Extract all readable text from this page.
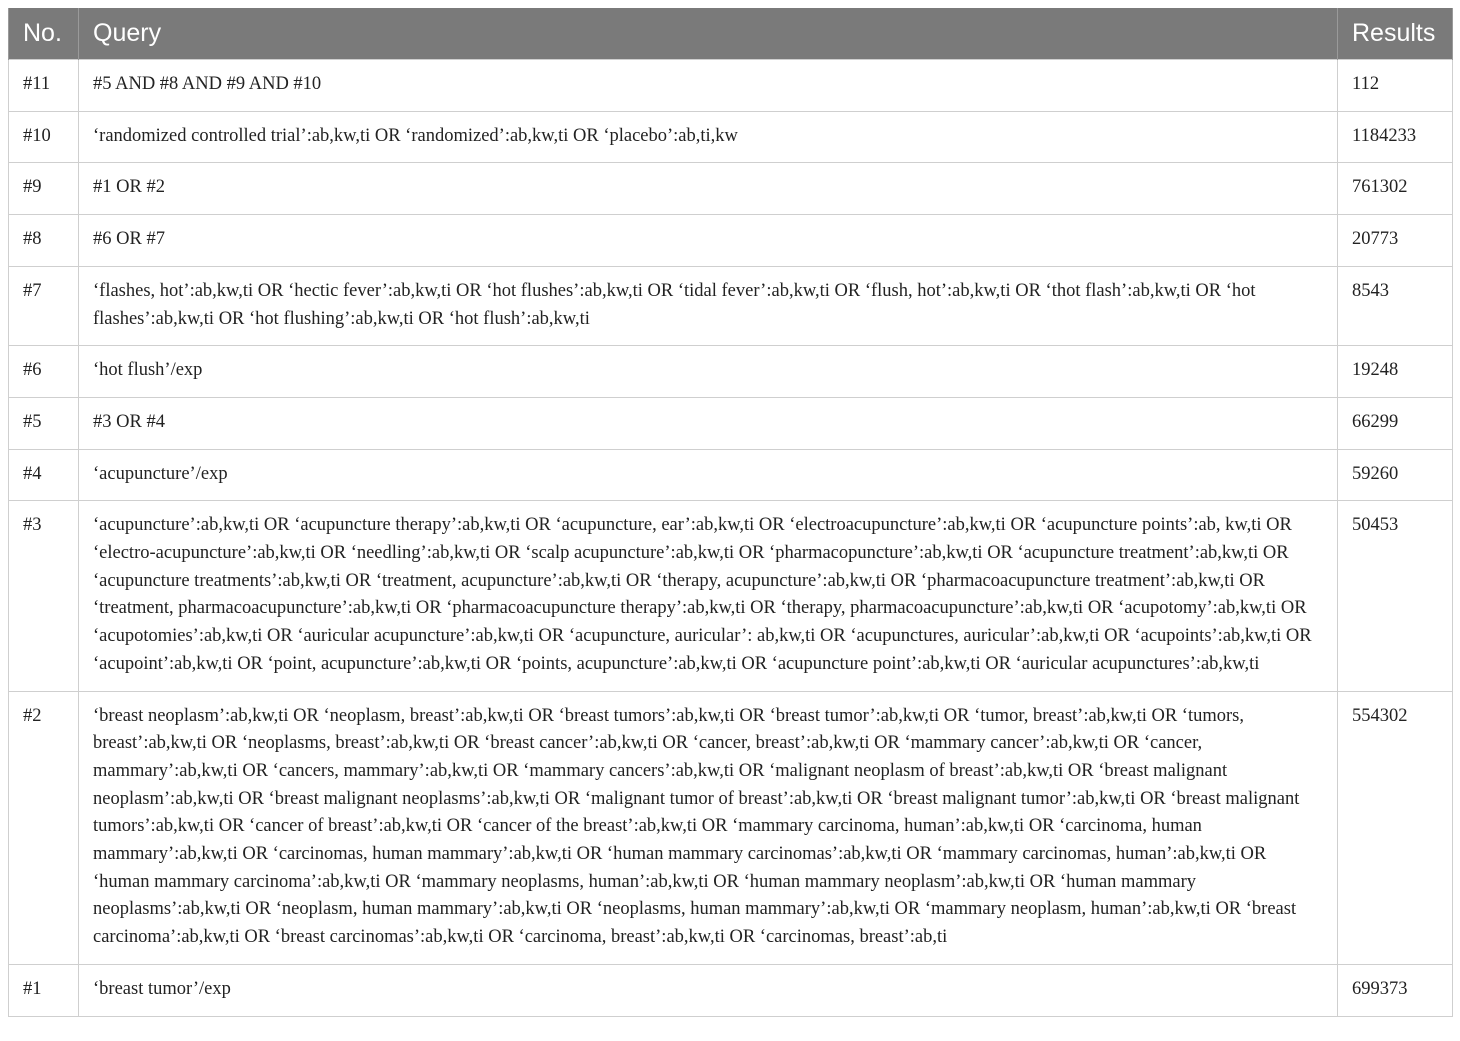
No.	Query	Results
#11	#5 AND #8 AND #9 AND #10	112
#10	‘randomized controlled trial’:ab,kw,ti OR ‘randomized’:ab,kw,ti OR ‘placebo’:ab,ti,kw	1184233
#9	#1 OR #2	761302
#8	#6 OR #7	20773
#7	‘flashes, hot’:ab,kw,ti OR ‘hectic fever’:ab,kw,ti OR ‘hot flushes’:ab,kw,ti OR ‘tidal fever’:ab,kw,ti OR ‘flush, hot’:ab,kw,ti OR ‘thot flash’:ab,kw,ti OR ‘hot flashes’:ab,kw,ti OR ‘hot flushing’:ab,kw,ti OR ‘hot flush’:ab,kw,ti	8543
#6	‘hot flush’/exp	19248
#5	#3 OR #4	66299
#4	‘acupuncture’/exp	59260
#3	‘acupuncture’:ab,kw,ti OR ‘acupuncture therapy’:ab,kw,ti OR ‘acupuncture, ear’:ab,kw,ti OR ‘electroacupuncture’:ab,kw,ti OR ‘acupuncture points’:ab, kw,ti OR ‘electro-acupuncture’:ab,kw,ti OR ‘needling’:ab,kw,ti OR ‘scalp acupuncture’:ab,kw,ti OR ‘pharmacopuncture’:ab,kw,ti OR ‘acupuncture treatment’:ab,kw,ti OR ‘acupuncture treatments’:ab,kw,ti OR ‘treatment, acupuncture’:ab,kw,ti OR ‘therapy, acupuncture’:ab,kw,ti OR ‘pharmacoacupuncture treatment’:ab,kw,ti OR ‘treatment, pharmacoacupuncture’:ab,kw,ti OR ‘pharmacoacupuncture therapy’:ab,kw,ti OR ‘therapy, pharmacoacupuncture’:ab,kw,ti OR ‘acupotomy’:ab,kw,ti OR ‘acupotomies’:ab,kw,ti OR ‘auricular acupuncture’:ab,kw,ti OR ‘acupuncture, auricular’: ab,kw,ti OR ‘acupunctures, auricular’:ab,kw,ti OR ‘acupoints’:ab,kw,ti OR ‘acupoint’:ab,kw,ti OR ‘point, acupuncture’:ab,kw,ti OR ‘points, acupuncture’:ab,kw,ti OR ‘acupuncture point’:ab,kw,ti OR ‘auricular acupunctures’:ab,kw,ti	50453
#2	‘breast neoplasm’:ab,kw,ti OR ‘neoplasm, breast’:ab,kw,ti OR ‘breast tumors’:ab,kw,ti OR ‘breast tumor’:ab,kw,ti OR ‘tumor, breast’:ab,kw,ti OR ‘tumors, breast’:ab,kw,ti OR ‘neoplasms, breast’:ab,kw,ti OR ‘breast cancer’:ab,kw,ti OR ‘cancer, breast’:ab,kw,ti OR ‘mammary cancer’:ab,kw,ti OR ‘cancer, mammary’:ab,kw,ti OR ‘cancers, mammary’:ab,kw,ti OR ‘mammary cancers’:ab,kw,ti OR ‘malignant neoplasm of breast’:ab,kw,ti OR ‘breast malignant neoplasm’:ab,kw,ti OR ‘breast malignant neoplasms’:ab,kw,ti OR ‘malignant tumor of breast’:ab,kw,ti OR ‘breast malignant tumor’:ab,kw,ti OR ‘breast malignant tumors’:ab,kw,ti OR ‘cancer of breast’:ab,kw,ti OR ‘cancer of the breast’:ab,kw,ti OR ‘mammary carcinoma, human’:ab,kw,ti OR ‘carcinoma, human mammary’:ab,kw,ti OR ‘carcinomas, human mammary’:ab,kw,ti OR ‘human mammary carcinomas’:ab,kw,ti OR ‘mammary carcinomas, human’:ab,kw,ti OR ‘human mammary carcinoma’:ab,kw,ti OR ‘mammary neoplasms, human’:ab,kw,ti OR ‘human mammary neoplasm’:ab,kw,ti OR ‘human mammary neoplasms’:ab,kw,ti OR ‘neoplasm, human mammary’:ab,kw,ti OR ‘neoplasms, human mammary’:ab,kw,ti OR ‘mammary neoplasm, human’:ab,kw,ti OR ‘breast carcinoma’:ab,kw,ti OR ‘breast carcinomas’:ab,kw,ti OR ‘carcinoma, breast’:ab,kw,ti OR ‘carcinomas, breast’:ab,ti	554302
#1	‘breast tumor’/exp	699373
